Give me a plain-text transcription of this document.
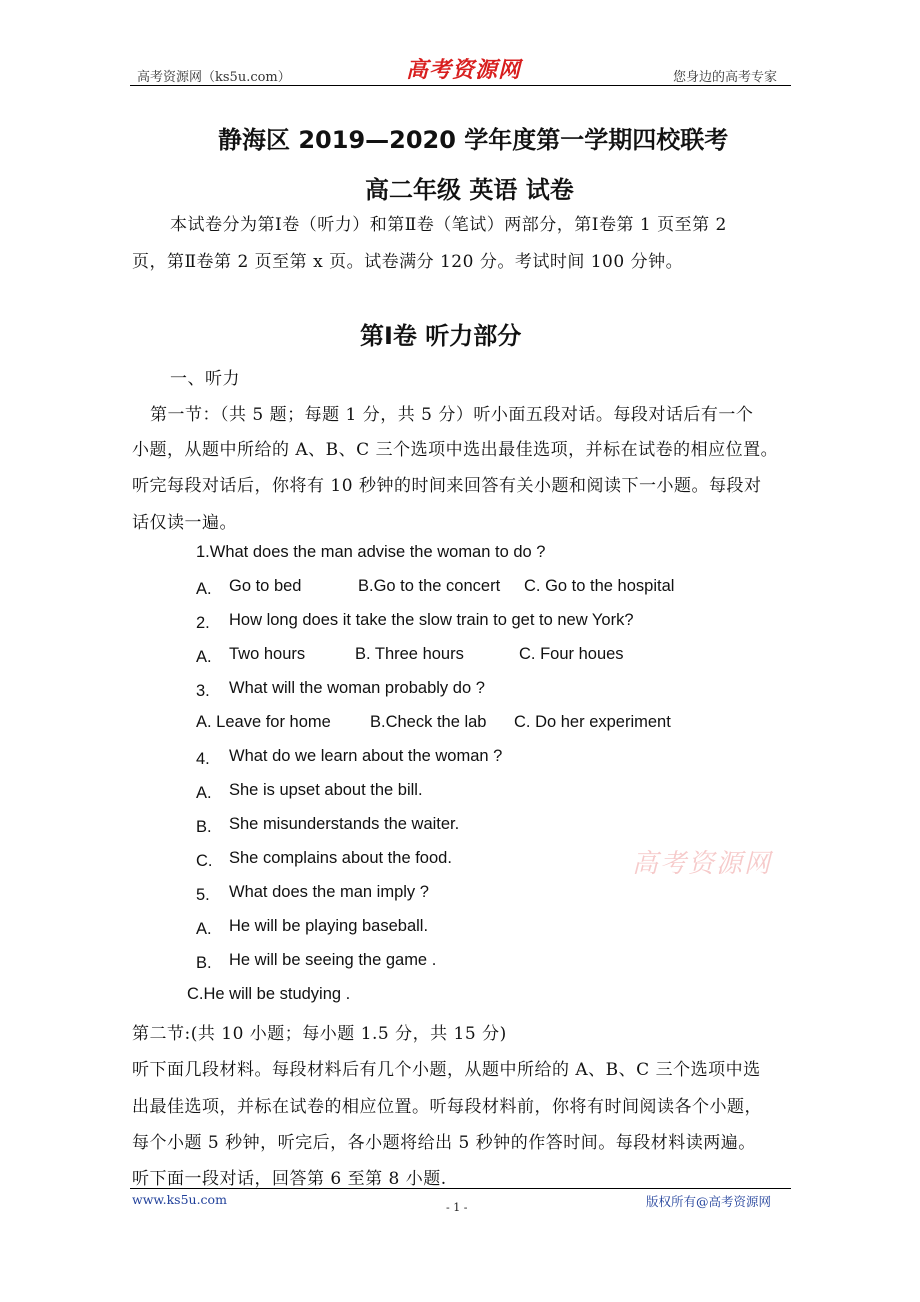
高考资源网（ks5u.com）	高考资源网	您身边的高考专家
静海区 2019—2020 学年度第一学期四校联考
高二年级 英语 试卷
本试卷分为第Ⅰ卷（听力）和第Ⅱ卷（笔试）两部分，第Ⅰ卷第 1 页至第 2
页，第Ⅱ卷第 2 页至第 x 页。试卷满分 120 分。考试时间 100 分钟。
第Ⅰ卷 听力部分
一、听力
第一节：（共 5 题；每题 1 分，共 5 分）听小面五段对话。每段对话后有一个
小题，从题中所给的 A、B、C 三个选项中选出最佳选项，并标在试卷的相应位置。
听完每段对话后，你将有 10 秒钟的时间来回答有关小题和阅读下一小题。每段对
话仅读一遍。
1.What does the man advise the woman to do ?
A. Go to bed	B.Go to the concert C. Go to the hospital
2. How long does it take the slow train to get to new York?
A. Two hours	B. Three hours	C. Four houes
3. What will the woman probably do ?
A. Leave for home B.Check the lab C. Do her experiment
4. What do we learn about the woman ?
A. She is upset about the bill.
B. She misunderstands the waiter.
C. She complains about the food.
5. What does the man imply ?
A. He will be playing baseball.
B. He will be seeing the game .
C.He will be studying .
高考资源网
第二节:(共 10 小题；每小题 1.5 分，共 15 分)
听下面几段材料。每段材料后有几个小题，从题中所给的 A、B、C 三个选项中选
出最佳选项，并标在试卷的相应位置。听每段材料前，你将有时间阅读各个小题，
每个小题 5 秒钟，听完后，各小题将给出 5 秒钟的作答时间。每段材料读两遍。
听下面一段对话，回答第 6 至第 8 小题.
www.ks5u.com
- 1 -	版权所有@高考资源网
